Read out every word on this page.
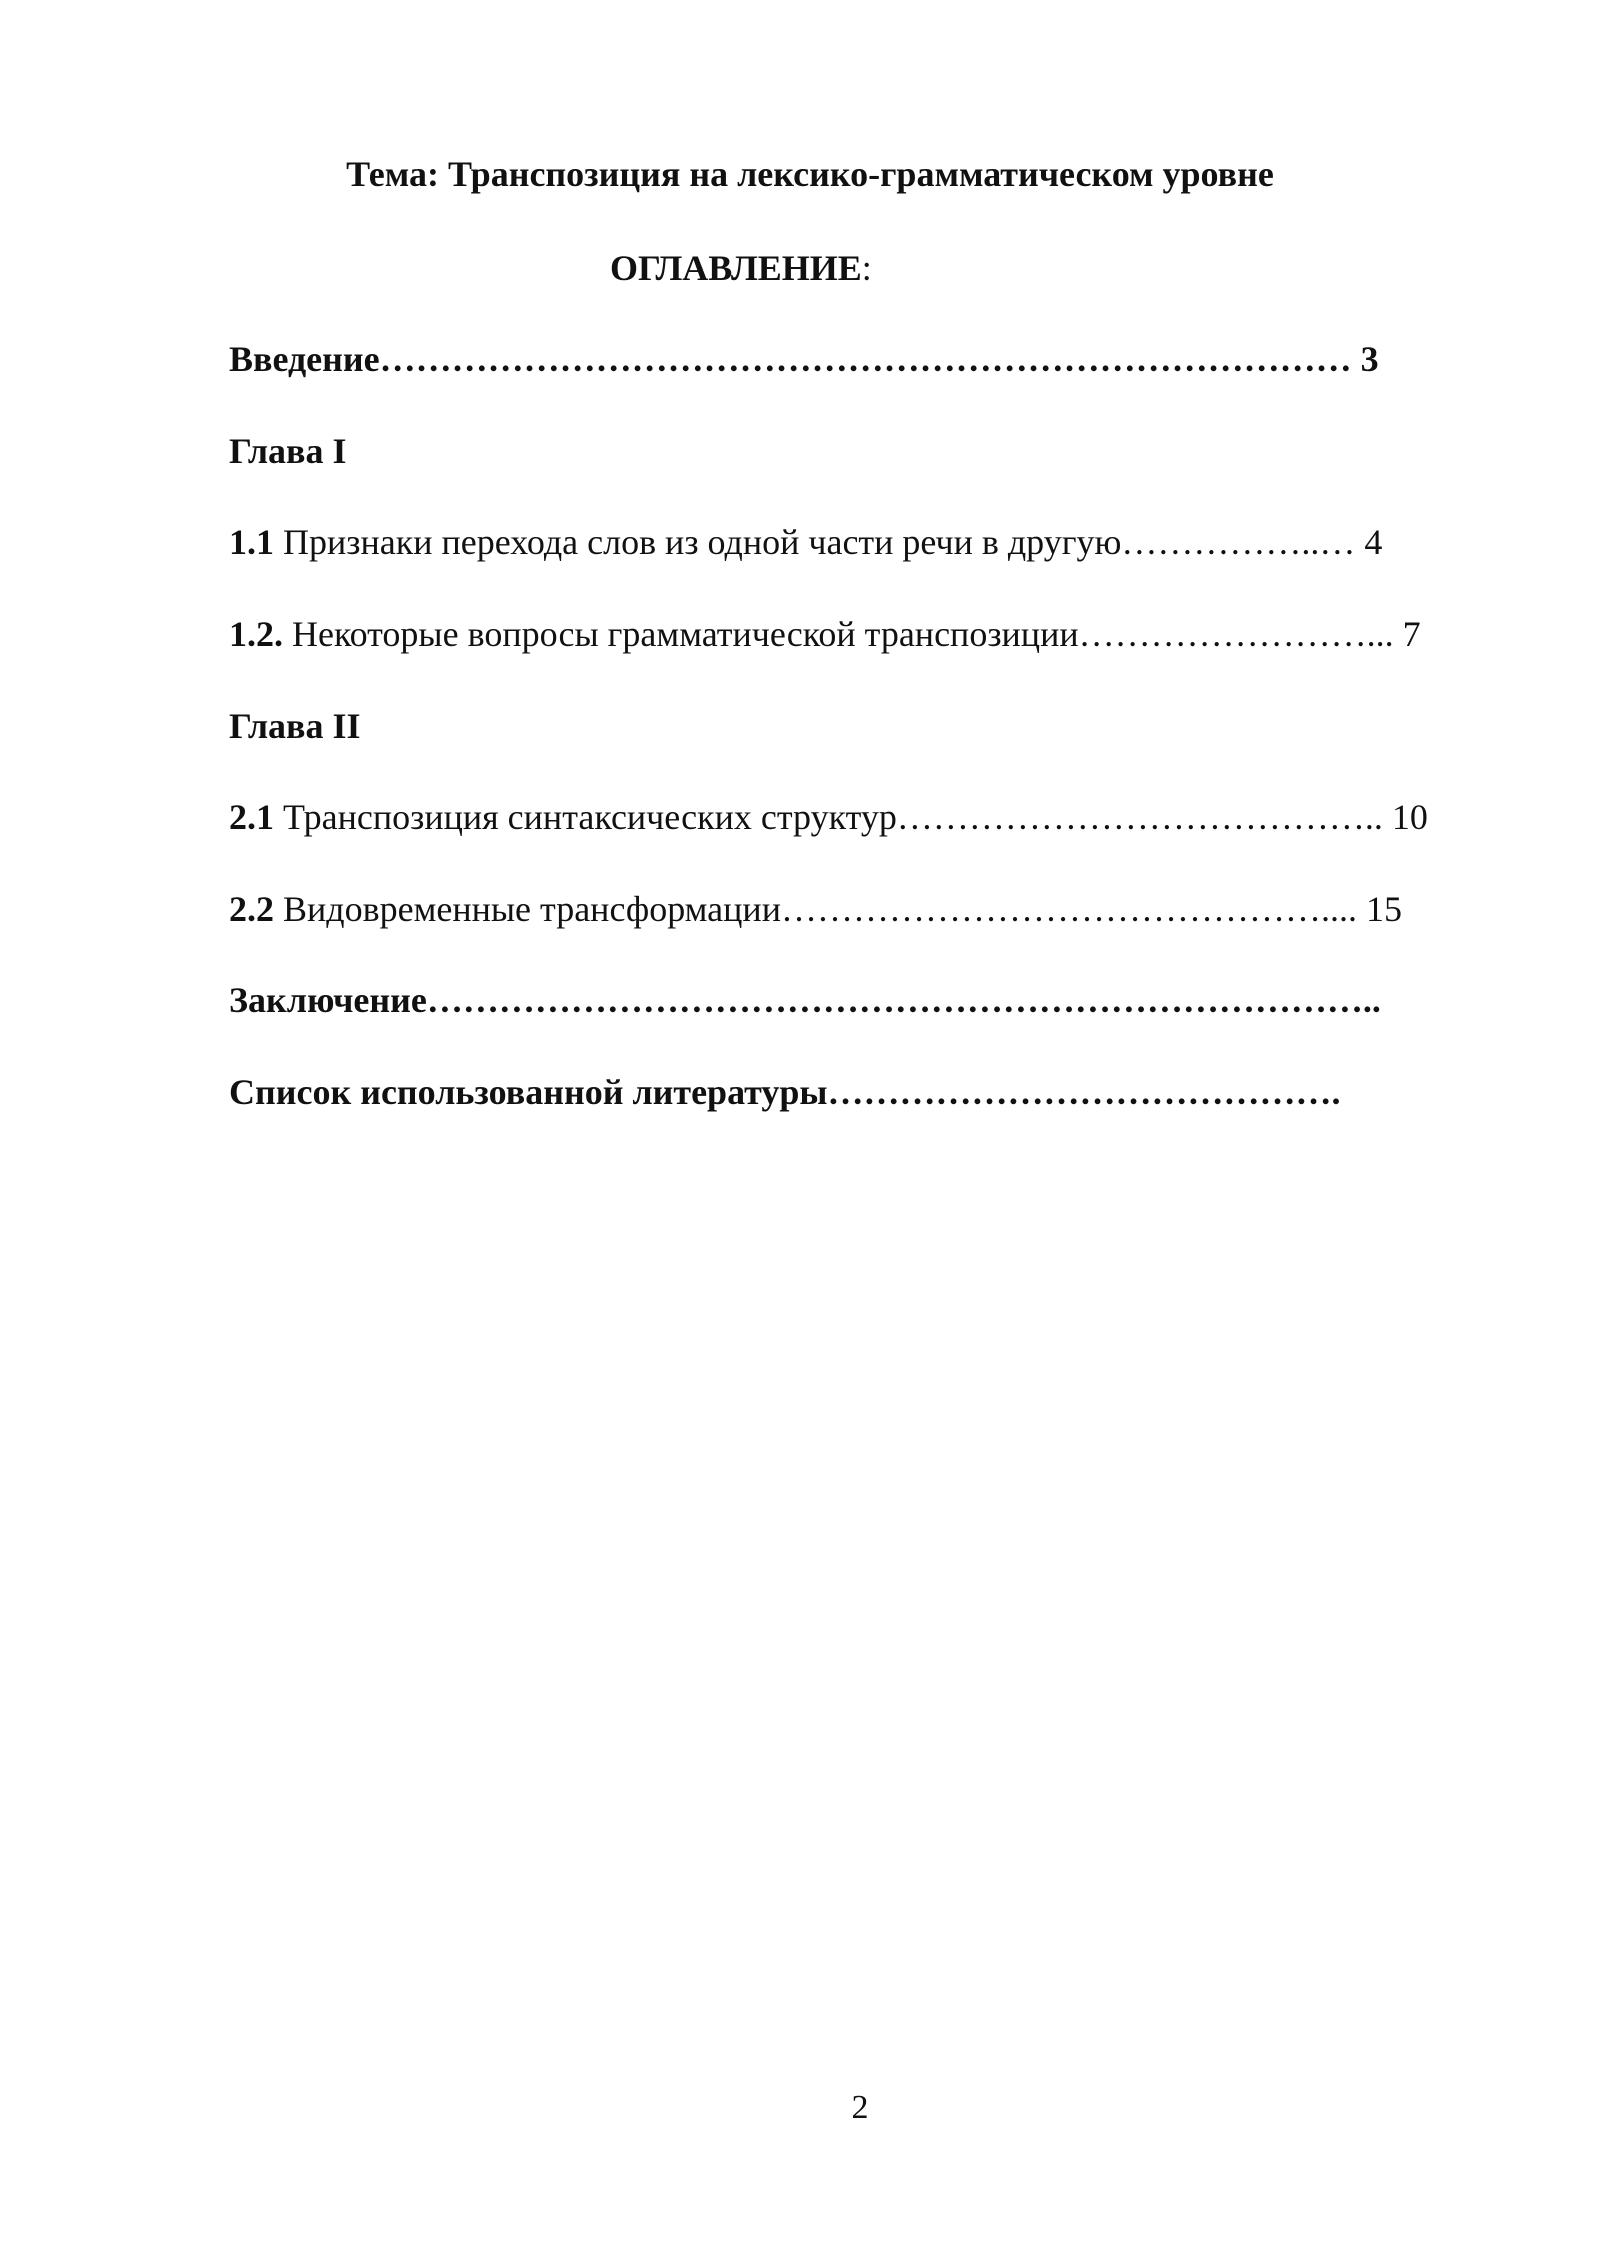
Тема: Транспозиция на лексико-грамматическом уровне
ОГЛАВЛЕНИЕ:
Введение……………………………………………………………………… 3
Глава I
1.1 Признаки перехода слов из одной части речи в другую……………..… 4
1.2. Некоторые вопросы грамматической транспозиции……………………... 7
Глава II
2.1 Транспозиция синтаксических структур………………………………….. 10
2.2 Видовременные трансформации……………………………………….... 15
Заключение……………………………………………………………………..
Список использованной литературы…………………………………….
2
